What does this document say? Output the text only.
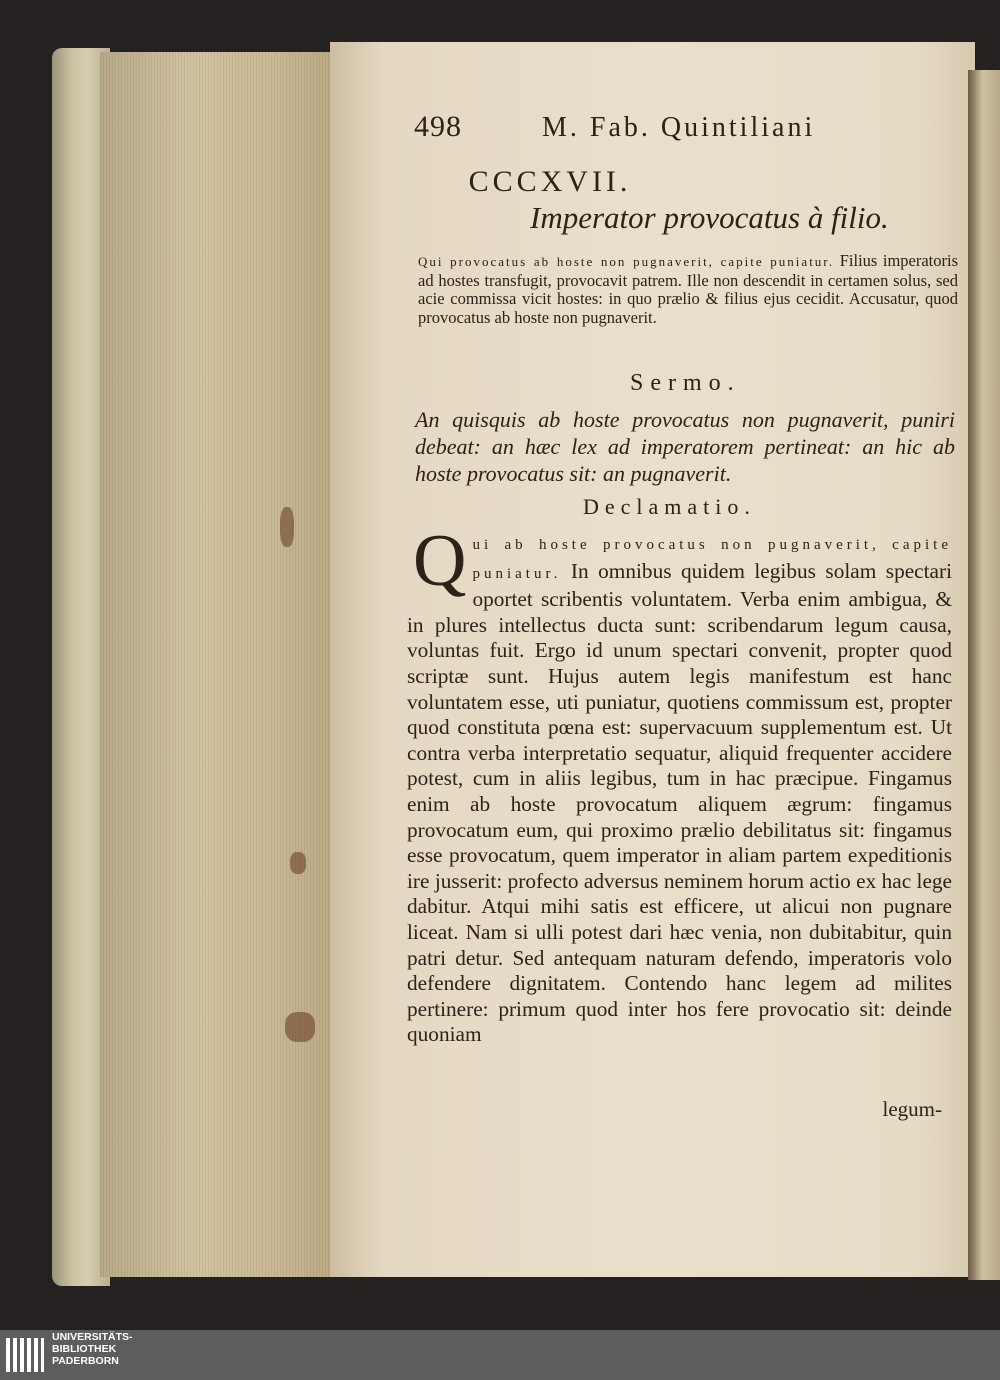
498	M. Fab. Quintiliani
CCCXVII.
Imperator provocatus à filio.
Qui provocatus ab hoste non pugnaverit, capite puniatur. Filius imperatoris ad hostes transfugit, provocavit patrem. Ille non descendit in certamen solus, sed acie commissa vicit hostes: in quo prælio & filius ejus cecidit. Accusatur, quod provocatus ab hoste non pugnaverit.
Sermo.
An quisquis ab hoste provocatus non pugnaverit, puniri debeat: an hæc lex ad imperatorem pertineat: an hic ab hoste provocatus sit: an pugnaverit.
Declamatio.
Q ui ab hoste provocatus non pugnaverit, capite puniatur. In omnibus quidem legibus solam spectari oportet scribentis voluntatem. Verba enim ambigua, & in plures intellectus ducta sunt: scribendarum legum causa, voluntas fuit. Ergo id unum spectari convenit, propter quod scriptæ sunt. Hujus autem legis manifestum est hanc voluntatem esse, uti puniatur, quotiens commissum est, propter quod constituta pœna est: supervacuum supplementum est. Ut contra verba interpretatio sequatur, aliquid frequenter accidere potest, cum in aliis legibus, tum in hac præcipue. Fingamus enim ab hoste provocatum aliquem ægrum: fingamus provocatum eum, qui proximo prælio debilitatus sit: fingamus esse provocatum, quem imperator in aliam partem expeditionis ire jusserit: profecto adversus neminem horum actio ex hac lege dabitur. Atqui mihi satis est efficere, ut alicui non pugnare liceat. Nam si ulli potest dari hæc venia, non dubitabitur, quin patri detur. Sed antequam naturam defendo, imperatoris volo defendere dignitatem. Contendo hanc legem ad milites pertinere: primum quod inter hos fere provocatio sit: deinde quoniam
legum-
UNIVERSITÄTS-
BIBLIOTHEK
PADERBORN
